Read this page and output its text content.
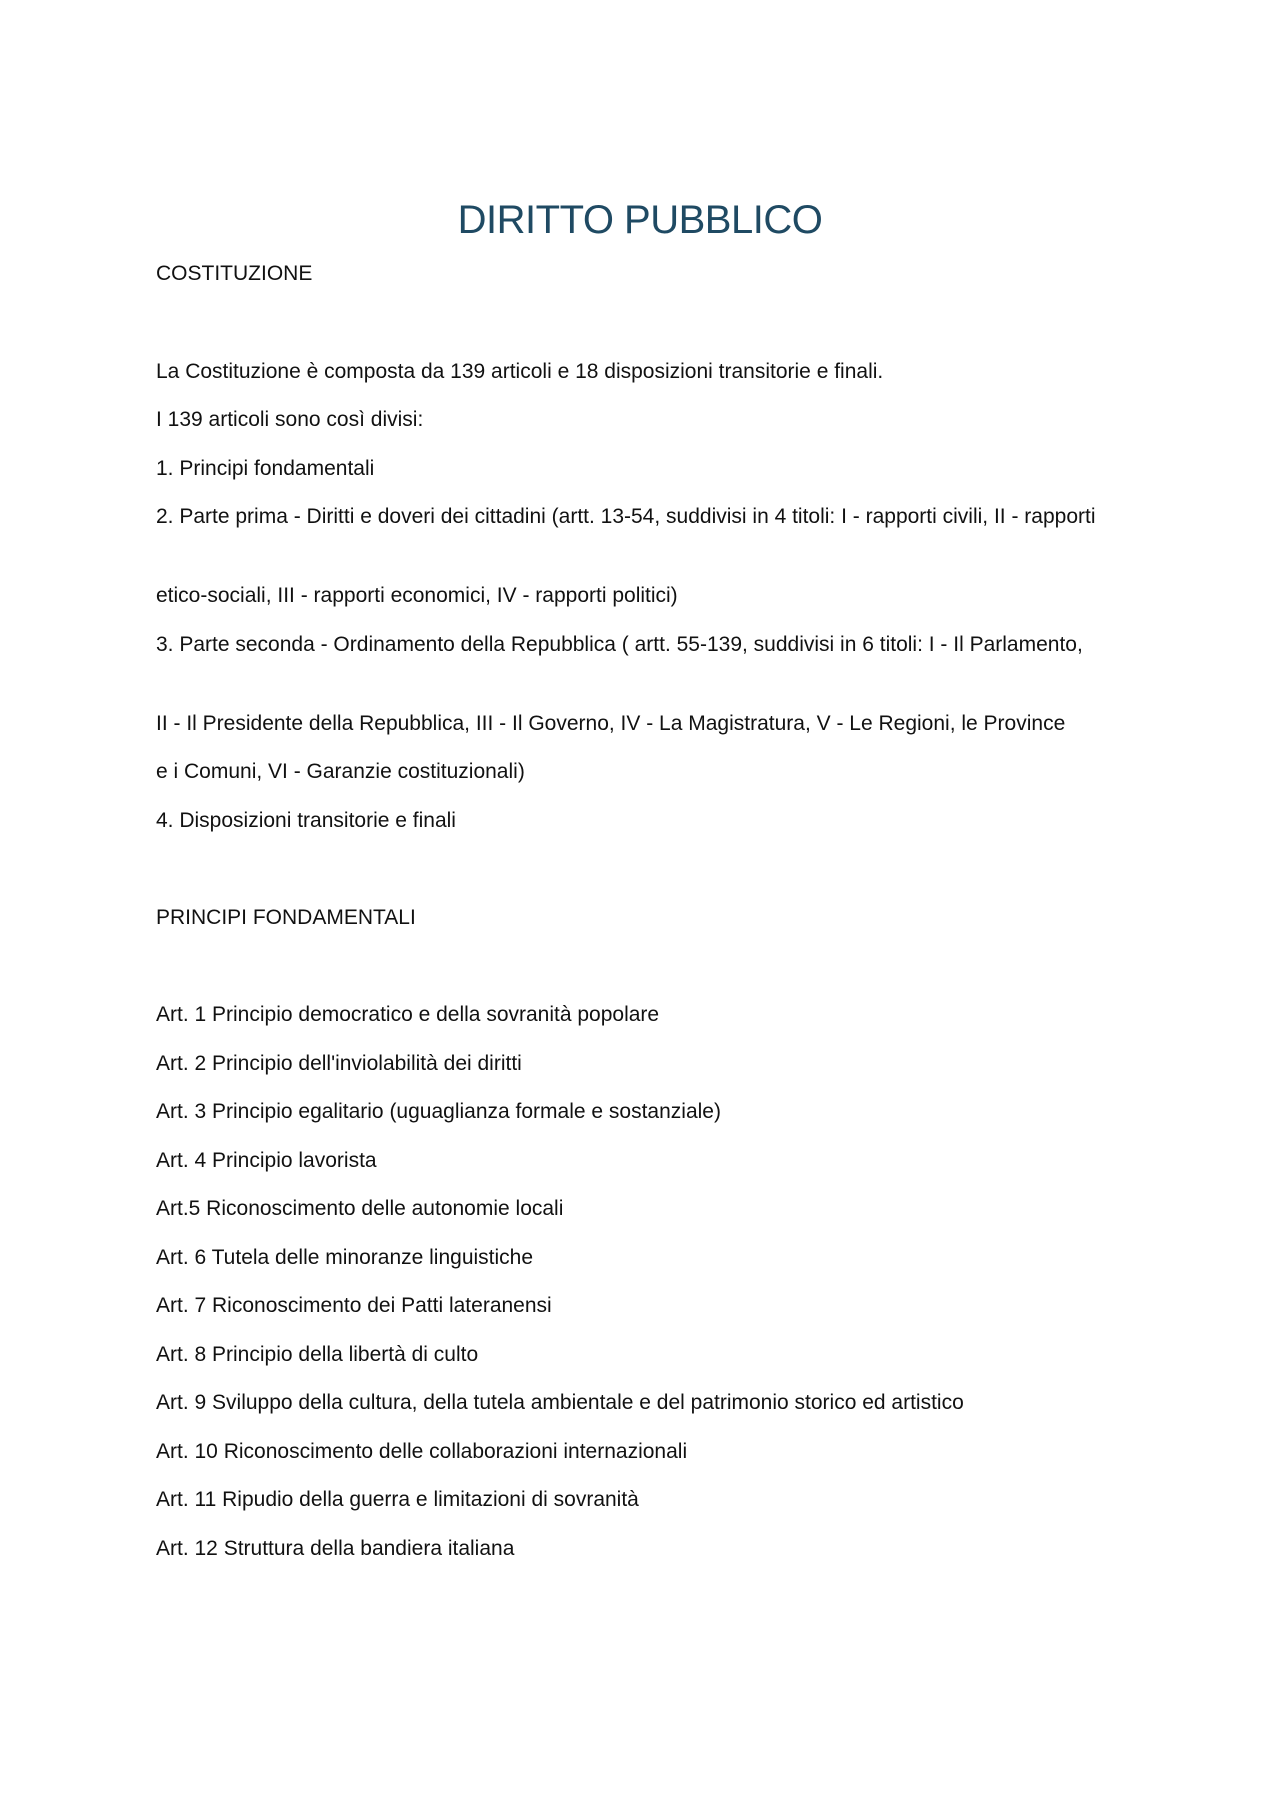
DIRITTO PUBBLICO

COSTITUZIONE

La Costituzione è composta da 139 articoli e 18 disposizioni transitorie e finali.

I 139 articoli sono così divisi:

1. Principi fondamentali

2. Parte prima - Diritti e doveri dei cittadini (artt. 13-54, suddivisi in 4 titoli: I - rapporti civili, II - rapporti

etico-sociali, III - rapporti economici, IV - rapporti politici)

3. Parte seconda - Ordinamento della Repubblica ( artt. 55-139, suddivisi in 6 titoli: I - Il Parlamento,

II - Il Presidente della Repubblica, III - Il Governo, IV - La Magistratura, V - Le Regioni, le Province

e i Comuni, VI - Garanzie costituzionali)

4. Disposizioni transitorie e finali

PRINCIPI FONDAMENTALI

Art. 1 Principio democratico e della sovranità popolare

Art. 2 Principio dell'inviolabilità dei diritti

Art. 3 Principio egalitario (uguaglianza formale e sostanziale)

Art. 4 Principio lavorista

Art.5 Riconoscimento delle autonomie locali

Art. 6 Tutela delle minoranze linguistiche

Art. 7 Riconoscimento dei Patti lateranensi

Art. 8 Principio della libertà di culto

Art. 9 Sviluppo della cultura, della tutela ambientale e del patrimonio storico ed artistico

Art. 10 Riconoscimento delle collaborazioni internazionali

Art. 11 Ripudio della guerra e limitazioni di sovranità

Art. 12 Struttura della bandiera italiana
